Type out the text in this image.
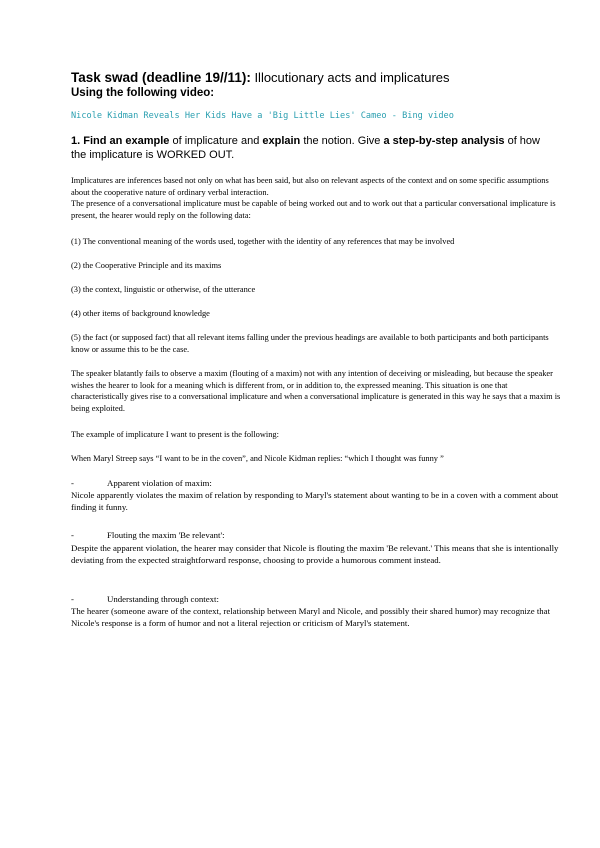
Task swad (deadline 19//11): Illocutionary acts and implicatures
Using the following video:
Nicole Kidman Reveals Her Kids Have a 'Big Little Lies' Cameo - Bing video
1. Find an example of implicature and explain the notion. Give a step-by-step analysis of how the implicature is WORKED OUT.

Implicatures are inferences based not only on what has been said, but also on relevant aspects of the context and on some specific assumptions about the cooperative nature of ordinary verbal interaction.

The presence of a conversational implicature must be capable of being worked out and to work out that a particular conversational implicature is present, the hearer would reply on the following data:

(1) The conventional meaning of the words used, together with the identity of any references that may be involved
(2) the Cooperative Principle and its maxims
(3) the context, linguistic or otherwise, of the utterance
(4) other items of background knowledge
(5) the fact (or supposed fact) that all relevant items falling under the previous headings are available to both participants and both participants know or assume this to be the case.
The speaker blatantly fails to observe a maxim (flouting of a maxim) not with any intention of deceiving or misleading, but because the speaker wishes the hearer to look for a meaning which is different from, or in addition to, the expressed meaning. This situation is one that characteristically gives rise to a conversational implicature and when a conversational implicature is generated in this way he says that a maxim is being exploited.
The example of implicature I want to present is the following:
When Maryl Streep says “I want to be in the coven”, and Nicole Kidman replies: “which I thought was funny ”
-	Apparent violation of maxim:
Nicole apparently violates the maxim of relation by responding to Maryl's statement about wanting to be in a coven with a comment about finding it funny.
-	Flouting the maxim 'Be relevant':
Despite the apparent violation, the hearer may consider that Nicole is flouting the maxim 'Be relevant.' This means that she is intentionally deviating from the expected straightforward response, choosing to provide a humorous comment instead.
-	Understanding through context:
The hearer (someone aware of the context, relationship between Maryl and Nicole, and possibly their shared humor) may recognize that Nicole's response is a form of humor and not a literal rejection or criticism of Maryl's statement.
